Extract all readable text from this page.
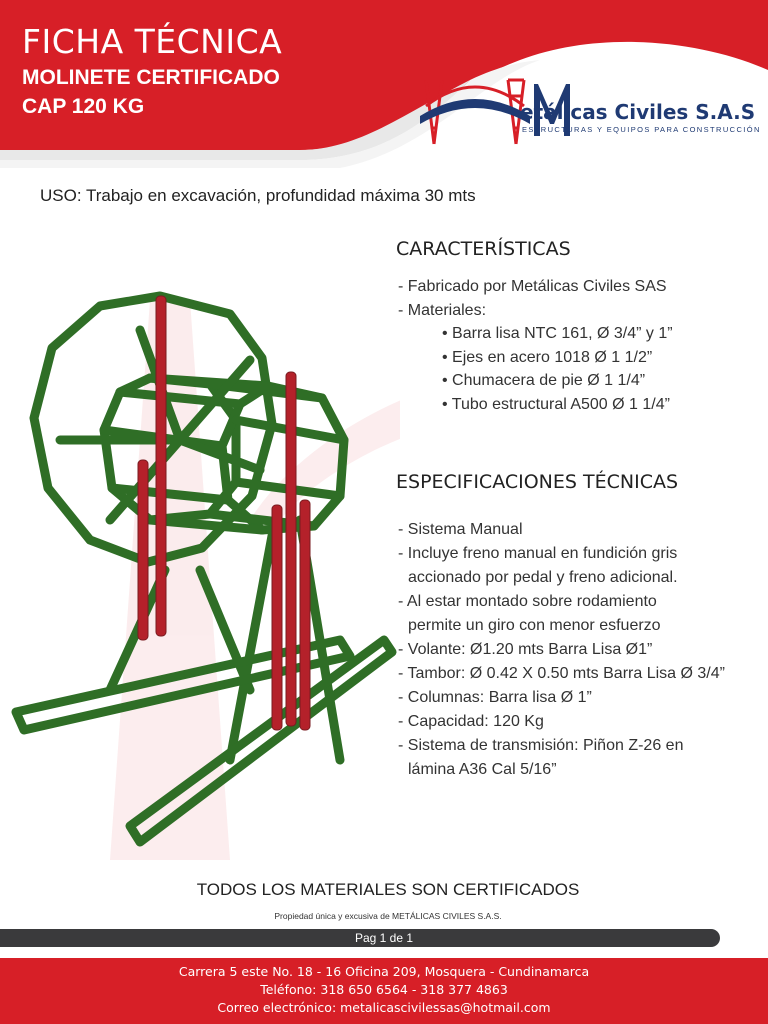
FICHA TÉCNICA
MOLINETE CERTIFICADO
CAP 120 KG	etálicas Civiles S.A.S
ESTRUCTURAS Y EQUIPOS PARA CONSTRUCCIÓN
USO: Trabajo en excavación, profundidad máxima 30 mts
CARACTERÍSTICAS
- Fabricado por Metálicas Civiles SAS
- Materiales:
• Barra lisa NTC 161, Ø 3/4” y 1”
• Ejes en acero 1018 Ø 1 1/2”
• Chumacera de pie Ø 1 1/4”
• Tubo estructural A500 Ø 1 1/4”
ESPECIFICACIONES TÉCNICAS
- Sistema Manual
- Incluye freno manual en fundición gris
accionado por pedal y freno adicional.
- Al estar montado sobre rodamiento
permite un giro con menor esfuerzo
- Volante: Ø1.20 mts Barra Lisa Ø1”
- Tambor: Ø 0.42 X 0.50 mts Barra Lisa Ø 3/4”
- Columnas: Barra lisa Ø 1”
- Capacidad: 120 Kg
- Sistema de transmisión: Piñon Z-26 en
lámina A36 Cal 5/16”
TODOS LOS MATERIALES SON CERTIFICADOS
Propiedad única y excusiva de METÁLICAS CIVILES S.A.S.
Pag 1 de 1
Carrera 5 este No. 18 - 16 Oficina 209, Mosquera - Cundinamarca
Teléfono: 318 650 6564 - 318 377 4863
Correo electrónico: metalicascivilessas@hotmail.com
